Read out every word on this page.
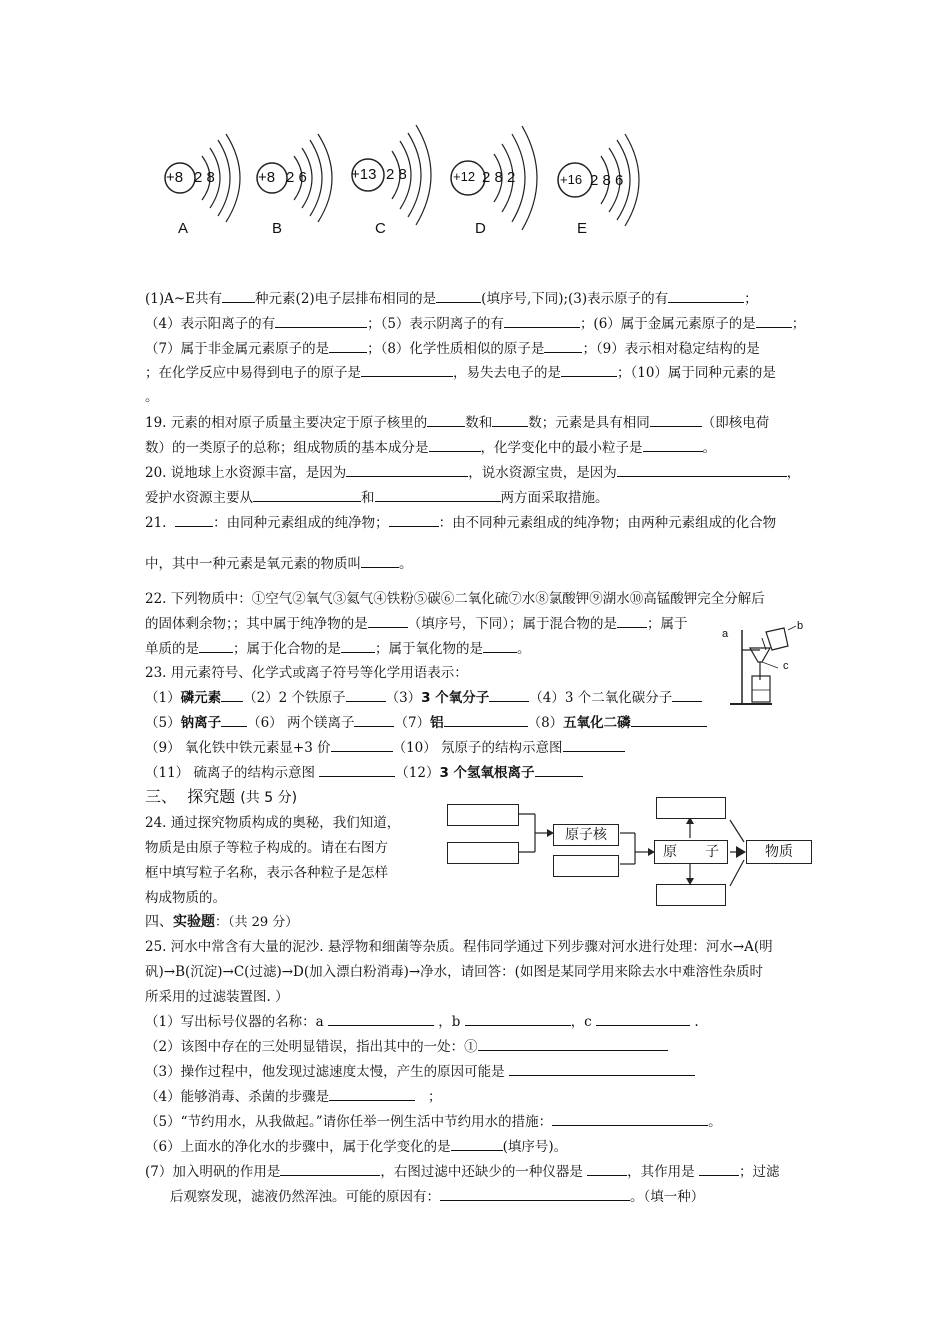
+8 2 8	+8 2 6	+13 2 8	+12 2 8 2	+16 2 8 6
A	B	C	D	E
(1)A~E共有 种元素(2)电子层排布相同的是	(填序号,下同);(3)表示原子的有	；
（4）表示阳离子的有	；（5）表示阴离子的有	；(6）属于金属元素原子的是	；
（7）属于非金属元素原子的是	；（8）化学性质相似的原子是	；（9）表示相对稳定结构的是
；在化学反应中易得到电子的原子是	，易失去电子的是	；（10）属于同种元素的是
。
19. 元素的相对原子质量主要决定于原子核里的	数和	数；元素是具有相同	（即核电荷
数）的一类原子的总称；组成物质的基本成分是	，化学变化中的最小粒子是	。
20. 说地球上水资源丰富，是因为	，说水资源宝贵，是因为	，
爱护水资源主要从	和	两方面采取措施。
21.	：由同种元素组成的纯净物；	：由不同种元素组成的纯净物；由两种元素组成的化合物
中，其中一种元素是氧元素的物质叫	。
22. 下列物质中：①空气②氧气③氦气④铁粉⑤碳⑥二氧化硫⑦水⑧氯酸钾⑨湖水⑩高锰酸钾完全分解后
的固体剩余物；；其中属于纯净物的是	（填序号，下同）；属于混合物的是 ；属于
单质的是	；属于化合物的是	；属于氧化物的是	。
a
b
c
23. 用元素符号、化学式或离子符号等化学用语表示：
（1）磷元素 （2）2 个铁原子	（3）3 个氧分子	（4）3 个二氧化碳分子
（5）钠离子 （6） 两个镁离子	（7）铝	（8）五氧化二磷
（9） 氧化铁中铁元素显+3 价	（10） 氖原子的结构示意图
（11） 硫离子的结构示意图	（12）3 个氢氧根离子
三、 探究题 (共 5 分)
24. 通过探究物质构成的奥秘，我们知道，
物质是由原子等粒子构成的。请在右图方
框中填写粒子名称，表示各种粒子是怎样
构成物质的。
原子核
原　　子	物质
四、实验题：（共 29 分）
25. 河水中常含有大量的泥沙. 悬浮物和细菌等杂质。程伟同学通过下列步骤对河水进行处理：河水→A(明
矾)→B(沉淀)→C(过滤)→D(加入漂白粉消毒)→净水，请回答：(如图是某同学用来除去水中难溶性杂质时
所采用的过滤装置图. ）
（1）写出标号仪器的名称：a	，b	，c	.
（2）该图中存在的三处明显错误，指出其中的一处：①
（3）操作过程中，他发现过滤速度太慢，产生的原因可能是
（4）能够消毒、杀菌的步骤是	；
（5）“节约用水，从我做起。”请你任举一例生活中节约用水的措施：	。
（6）上面水的净化水的步骤中，属于化学变化的是	(填序号)。
(7）加入明矾的作用是	，右图过滤中还缺少的一种仪器是	，其作用是	；过滤
后观察发现，滤液仍然浑浊。可能的原因有：	。（填一种）
